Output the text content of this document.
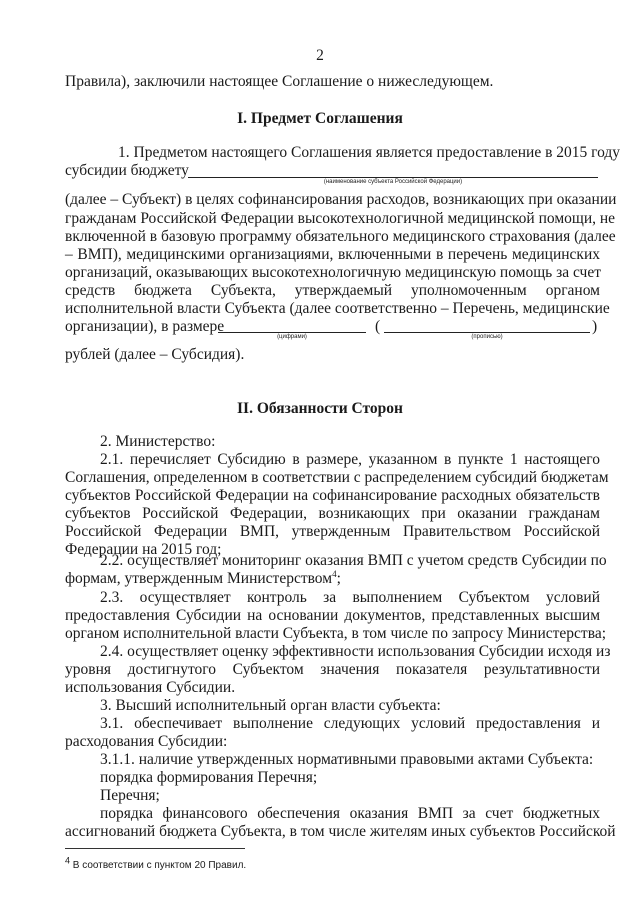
2
Правила), заключили настоящее Соглашение о нижеследующем.
I. Предмет Соглашения
1. Предметом настоящего Соглашения является предоставление в 2015 году
субсидии бюджету
(наименование субъекта Российской Федерации)
(далее – Субъект) в целях софинансирования расходов, возникающих при оказании
гражданам Российской Федерации высокотехнологичной медицинской помощи, не
включенной в базовую программу обязательного медицинского страхования (далее
– ВМП), медицинскими организациями, включенными в перечень медицинских
организаций, оказывающих высокотехнологичную медицинскую помощь за счет
средств бюджета Субъекта, утверждаемый уполномоченным органом
исполнительной власти Субъекта (далее соответственно – Перечень, медицинские
организации), в размере
(цифрами)
(
(прописью)
)
рублей (далее – Субсидия).
II. Обязанности Сторон
2. Министерство:
2.1. перечисляет Субсидию в размере, указанном в пункте 1 настоящего
Соглашения, определенном в соответствии с распределением субсидий бюджетам
субъектов Российской Федерации на софинансирование расходных обязательств
субъектов Российской Федерации, возникающих при оказании гражданам
Российской Федерации ВМП, утвержденным Правительством Российской
Федерации на 2015 год;
2.2. осуществляет мониторинг оказания ВМП с учетом средств Субсидии по
формам, утвержденным Министерством$^4$;
2.3. осуществляет контроль за выполнением Субъектом условий
предоставления Субсидии на основании документов, представленных высшим
органом исполнительной власти Субъекта, в том числе по запросу Министерства;
2.4. осуществляет оценку эффективности использования Субсидии исходя из
уровня достигнутого Субъектом значения показателя результативности
использования Субсидии.
3. Высший исполнительный орган власти субъекта:
3.1. обеспечивает выполнение следующих условий предоставления и
расходования Субсидии:
3.1.1. наличие утвержденных нормативными правовыми актами Субъекта:
порядка формирования Перечня;
Перечня;
порядка финансового обеспечения оказания ВМП за счет бюджетных
ассигнований бюджета Субъекта, в том числе жителям иных субъектов Российской
$^4$ В соответствии с пунктом 20 Правил.
